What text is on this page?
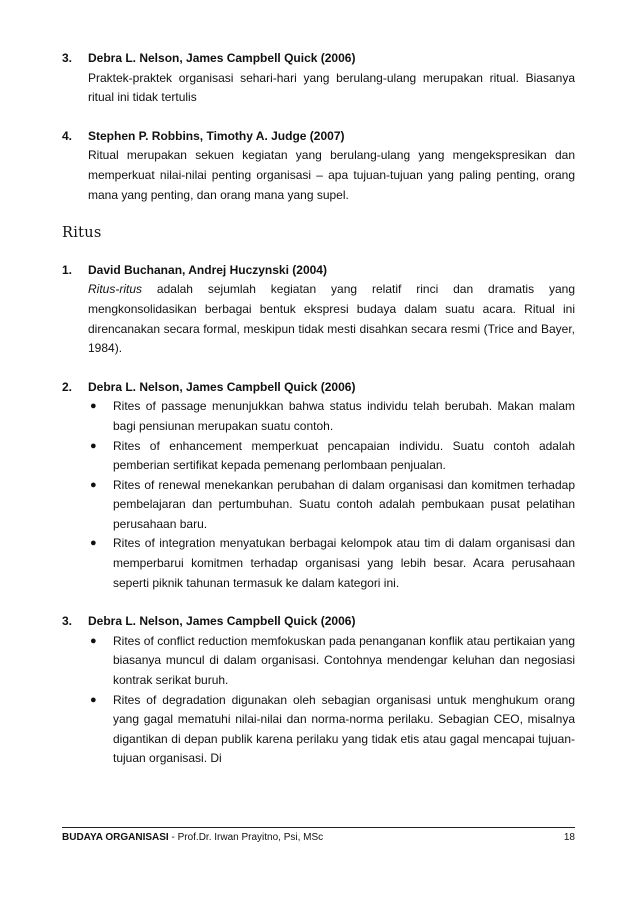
3.	Debra L. Nelson, James Campbell Quick (2006)
Praktek-praktek organisasi sehari-hari yang berulang-ulang merupakan ritual. Biasanya ritual ini tidak tertulis
4.	Stephen P. Robbins, Timothy A. Judge (2007)
Ritual merupakan sekuen kegiatan yang berulang-ulang yang mengekspresikan dan memperkuat nilai-nilai penting organisasi – apa tujuan-tujuan yang paling penting, orang mana yang penting, dan orang mana yang supel.
Ritus
1.	David Buchanan, Andrej Huczynski (2004)
Ritus-ritus adalah sejumlah kegiatan yang relatif rinci dan dramatis yang mengkonsolidasikan berbagai bentuk ekspresi budaya dalam suatu acara. Ritual ini direncanakan secara formal, meskipun tidak mesti disahkan secara resmi (Trice and Bayer, 1984).
2.	Debra L. Nelson, James Campbell Quick (2006)
●	Rites of passage menunjukkan bahwa status individu telah berubah. Makan malam bagi pensiunan merupakan suatu contoh.
●	Rites of enhancement memperkuat pencapaian individu. Suatu contoh adalah pemberian sertifikat kepada pemenang perlombaan penjualan.
●	Rites of renewal menekankan perubahan di dalam organisasi dan komitmen terhadap pembelajaran dan pertumbuhan. Suatu contoh adalah pembukaan pusat pelatihan perusahaan baru.
●	Rites of integration menyatukan berbagai kelompok atau tim di dalam organisasi dan memperbarui komitmen terhadap organisasi yang lebih besar. Acara perusahaan seperti piknik tahunan termasuk ke dalam kategori ini.
3.	Debra L. Nelson, James Campbell Quick (2006)
●	Rites of conflict reduction memfokuskan pada penanganan konflik atau pertikaian yang biasanya muncul di dalam organisasi. Contohnya mendengar keluhan dan negosiasi kontrak serikat buruh.
●	Rites of degradation digunakan oleh sebagian organisasi untuk menghukum orang yang gagal mematuhi nilai-nilai dan norma-norma perilaku. Sebagian CEO, misalnya digantikan di depan publik karena perilaku yang tidak etis atau gagal mencapai tujuan-tujuan organisasi. Di
BUDAYA ORGANISASI - Prof.Dr. Irwan Prayitno, Psi, MSc	18
